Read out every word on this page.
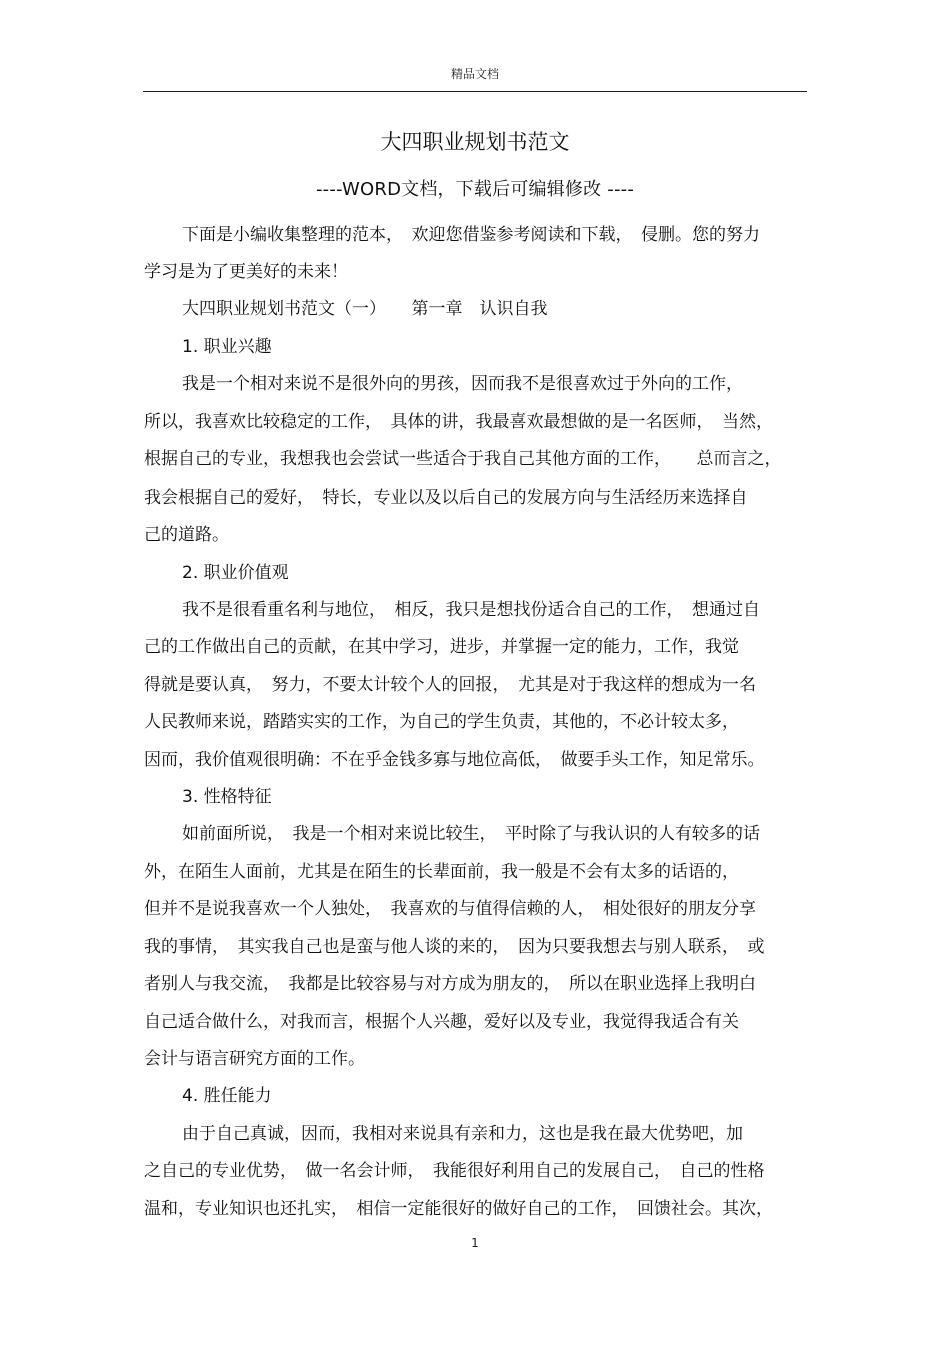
精品文档
大四职业规划书范文
----WORD文档，下载后可编辑修改 ----
下面是小编收集整理的范本，　欢迎您借鉴参考阅读和下载，　侵删。您的努力
学习是为了更美好的未来！
大四职业规划书范文（一）　　第一章　认识自我
1. 职业兴趣
我是一个相对来说不是很外向的男孩，因而我不是很喜欢过于外向的工作，
所以，我喜欢比较稳定的工作，　具体的讲，我最喜欢最想做的是一名医师，　当然，
根据自己的专业，我想我也会尝试一些适合于我自己其他方面的工作，　　总而言之，
我会根据自己的爱好，　特长，专业以及以后自己的发展方向与生活经历来选择自
己的道路。
2. 职业价值观
我不是很看重名利与地位，　相反，我只是想找份适合自己的工作，　想通过自
己的工作做出自己的贡献，在其中学习，进步，并掌握一定的能力，工作，我觉
得就是要认真，　努力，不要太计较个人的回报，　尤其是对于我这样的想成为一名
人民教师来说，踏踏实实的工作，为自己的学生负责，其他的，不必计较太多，
因而，我价值观很明确：不在乎金钱多寡与地位高低，　做要手头工作，知足常乐。
3. 性格特征
如前面所说，　我是一个相对来说比较生，　平时除了与我认识的人有较多的话
外，在陌生人面前，尤其是在陌生的长辈面前，我一般是不会有太多的话语的，
但并不是说我喜欢一个人独处，　我喜欢的与值得信赖的人，　相处很好的朋友分享
我的事情，　其实我自己也是蛮与他人谈的来的，　因为只要我想去与别人联系，　或
者别人与我交流，　我都是比较容易与对方成为朋友的，　所以在职业选择上我明白
自己适合做什么，对我而言，根据个人兴趣，爱好以及专业，我觉得我适合有关
会计与语言研究方面的工作。
4. 胜任能力
由于自己真诚，因而，我相对来说具有亲和力，这也是我在最大优势吧，加
之自己的专业优势，　做一名会计师，　我能很好利用自己的发展自己，　自己的性格
温和，专业知识也还扎实，　相信一定能很好的做好自己的工作，　回馈社会。其次，
1
